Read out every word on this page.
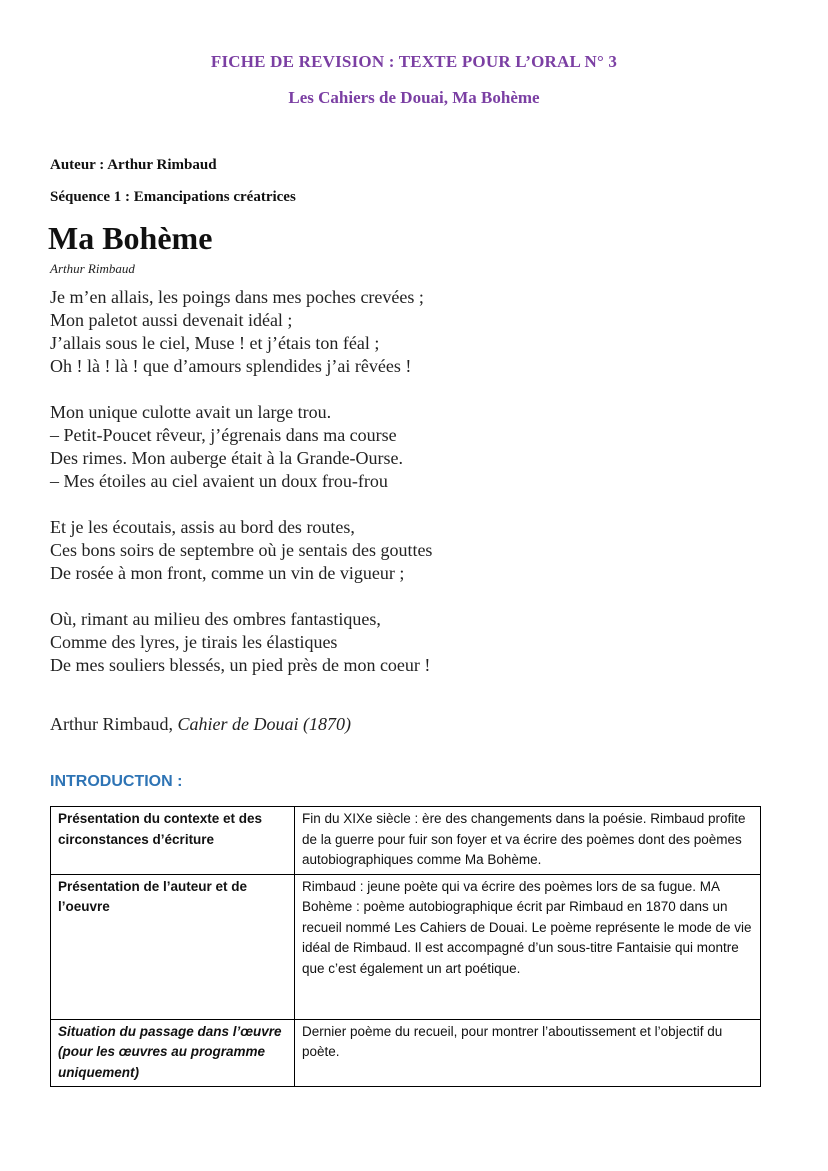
FICHE DE REVISION : TEXTE POUR L’ORAL N° 3
Les Cahiers de Douai, Ma Bohème
Auteur : Arthur Rimbaud
Séquence 1 : Emancipations créatrices
Ma Bohème
Arthur Rimbaud
Je m’en allais, les poings dans mes poches crevées ;
Mon paletot aussi devenait idéal ;
J’allais sous le ciel, Muse ! et j’étais ton féal ;
Oh ! là ! là ! que d’amours splendides j’ai rêvées !
Mon unique culotte avait un large trou.
– Petit-Poucet rêveur, j’égrenais dans ma course
Des rimes. Mon auberge était à la Grande-Ourse.
– Mes étoiles au ciel avaient un doux frou-frou
Et je les écoutais, assis au bord des routes,
Ces bons soirs de septembre où je sentais des gouttes
De rosée à mon front, comme un vin de vigueur ;
Où, rimant au milieu des ombres fantastiques,
Comme des lyres, je tirais les élastiques
De mes souliers blessés, un pied près de mon coeur !
Arthur Rimbaud, Cahier de Douai (1870)
INTRODUCTION :
Présentation du contexte et des circonstances d’écriture	Fin du XIXe siècle : ère des changements dans la poésie. Rimbaud profite de la guerre pour fuir son foyer et va écrire des poèmes dont des poèmes autobiographiques comme Ma Bohème.
Présentation de l’auteur et de l’oeuvre	Rimbaud : jeune poète qui va écrire des poèmes lors de sa fugue. MA Bohème : poème autobiographique écrit par Rimbaud en 1870 dans un recueil nommé Les Cahiers de Douai. Le poème représente le mode de vie idéal de Rimbaud. Il est accompagné d’un sous-titre Fantaisie qui montre que c’est également un art poétique.
Situation du passage dans l’œuvre (pour les œuvres au programme uniquement)	Dernier poème du recueil, pour montrer l’aboutissement et l’objectif du poète.
